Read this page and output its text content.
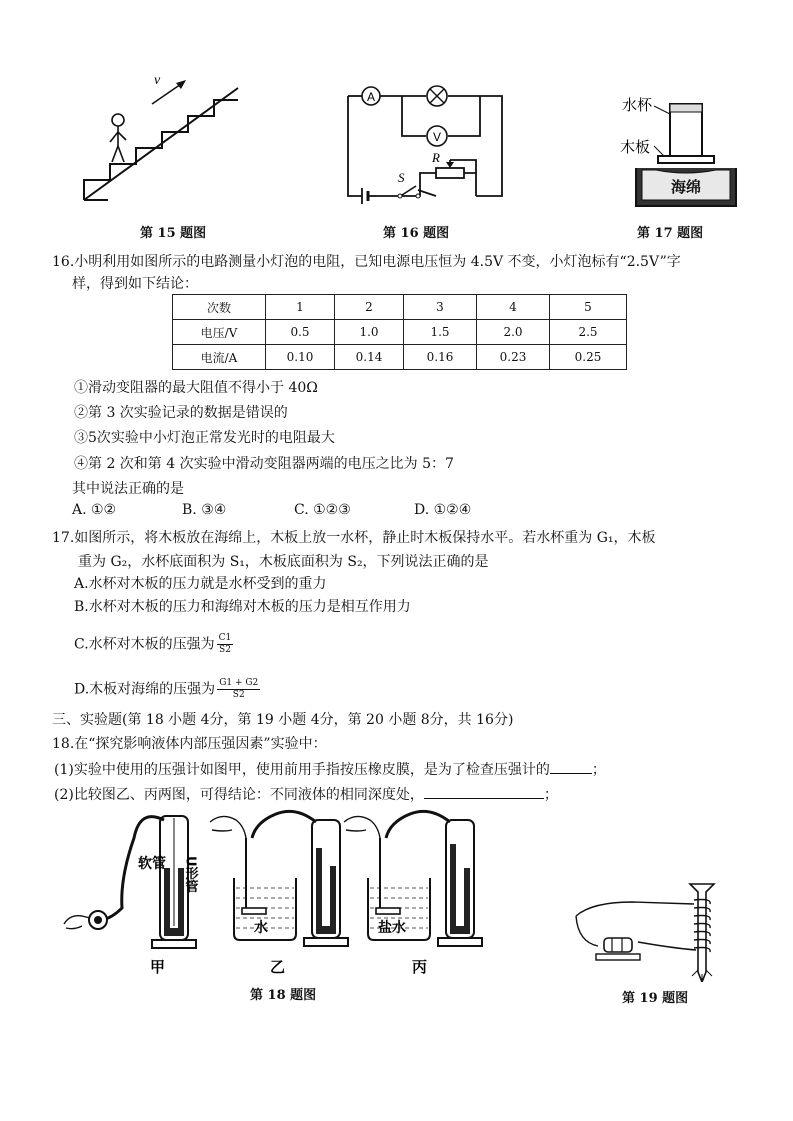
v
第 15 题图
A
V
S
R
第 16 题图
海绵
水杯
木板
第 17 题图
16.小明利用如图所示的电路测量小灯泡的电阻，已知电源电压恒为 4.5V 不变，小灯泡标有“2.5V”字
样，得到如下结论：
次数	1	2	3	4	5
电压/V	0.5	1.0	1.5	2.0	2.5
电流/A	0.10	0.14	0.16	0.23	0.25
①滑动变阻器的最大阻值不得小于 40Ω
②第 3 次实验记录的数据是错误的
③5次实验中小灯泡正常发光时的电阻最大
④第 2 次和第 4 次实验中滑动变阻器两端的电压之比为 5：7
其中说法正确的是
A. ①②	B. ③④	C. ①②③	D. ①②④
17.如图所示，将木板放在海绵上，木板上放一水杯，静止时木板保持水平。若水杯重为 G₁，木板
重为 G₂，水杯底面积为 S₁，木板底面积为 S₂，下列说法正确的是
A.水杯对木板的压力就是水杯受到的重力
B.水杯对木板的压力和海绵对木板的压力是相互作用力
C.水杯对木板的压强为 $\frac{C1}{S2}$
D.木板对海绵的压强为 $\frac{G1 + G2}{S2}$
三、实验题(第 18 小题 4分，第 19 小题 4分，第 20 小题 8分，共 16分)
18.在“探究影响液体内部压强因素”实验中：
(1)实验中使用的压强计如图甲，使用前用手指按压橡皮膜，是为了检查压强计的	；
(2)比较图乙、丙两图，可得结论：不同液体的相同深度处，	；
软管 U形管
甲
水
乙
盐水
丙
第 18 题图	第 19 题图
